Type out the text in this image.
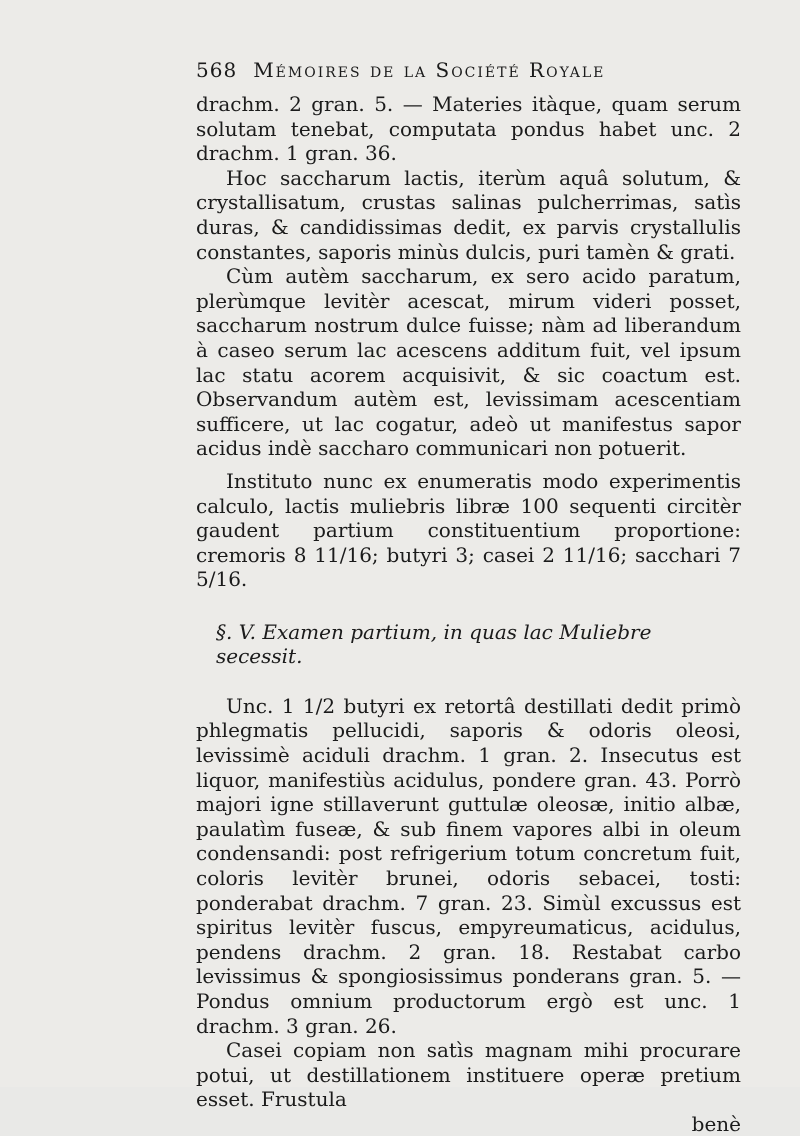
568 Mémoires de la Société Royale

drachm. 2 gran. 5. — Materies itàque, quam serum solutam tenebat, computata pondus habet unc. 2 drachm. 1 gran. 36.

Hoc saccharum lactis, iterùm aquâ solutum, & crystallisatum, crustas salinas pulcherrimas, satìs duras, & candidissimas dedit, ex parvis crystallulis constantes, saporis minùs dulcis, puri tamèn & grati.

Cùm autèm saccharum, ex sero acido paratum, plerùmque levitèr acescat, mirum videri posset, saccharum nostrum dulce fuisse; nàm ad liberandum à caseo serum lac acescens additum fuit, vel ipsum lac statu acorem acquisivit, & sic coactum est. Observandum autèm est, levissimam acescentiam sufficere, ut lac cogatur, adeò ut manifestus sapor acidus indè saccharo communicari non potuerit.

Instituto nunc ex enumeratis modo experimentis calculo, lactis muliebris libræ 100 sequenti circitèr gaudent partium constituentium proportione: cremoris 8 11/16; butyri 3; casei 2 11/16; sacchari 7 5/16.

§. V. Examen partium, in quas lac Muliebre secessit.

Unc. 1 1/2 butyri ex retortâ destillati dedit primò phlegmatis pellucidi, saporis & odoris oleosi, levissimè aciduli drachm. 1 gran. 2. Insecutus est liquor, manifestiùs acidulus, pondere gran. 43. Porrò majori igne stillaverunt guttulæ oleosæ, initio albæ, paulatìm fuseæ, & sub finem vapores albi in oleum condensandi: post refrigerium totum concretum fuit, coloris levitèr brunei, odoris sebacei, tosti: ponderabat drachm. 7 gran. 23. Simùl excussus est spiritus levitèr fuscus, empyreumaticus, acidulus, pendens drachm. 2 gran. 18. Restabat carbo levissimus & spongiosissimus ponderans gran. 5. — Pondus omnium productorum ergò est unc. 1 drachm. 3 gran. 26.

Casei copiam non satìs magnam mihi procurare potui, ut destillationem instituere operæ pretium esset. Frustula

benè
